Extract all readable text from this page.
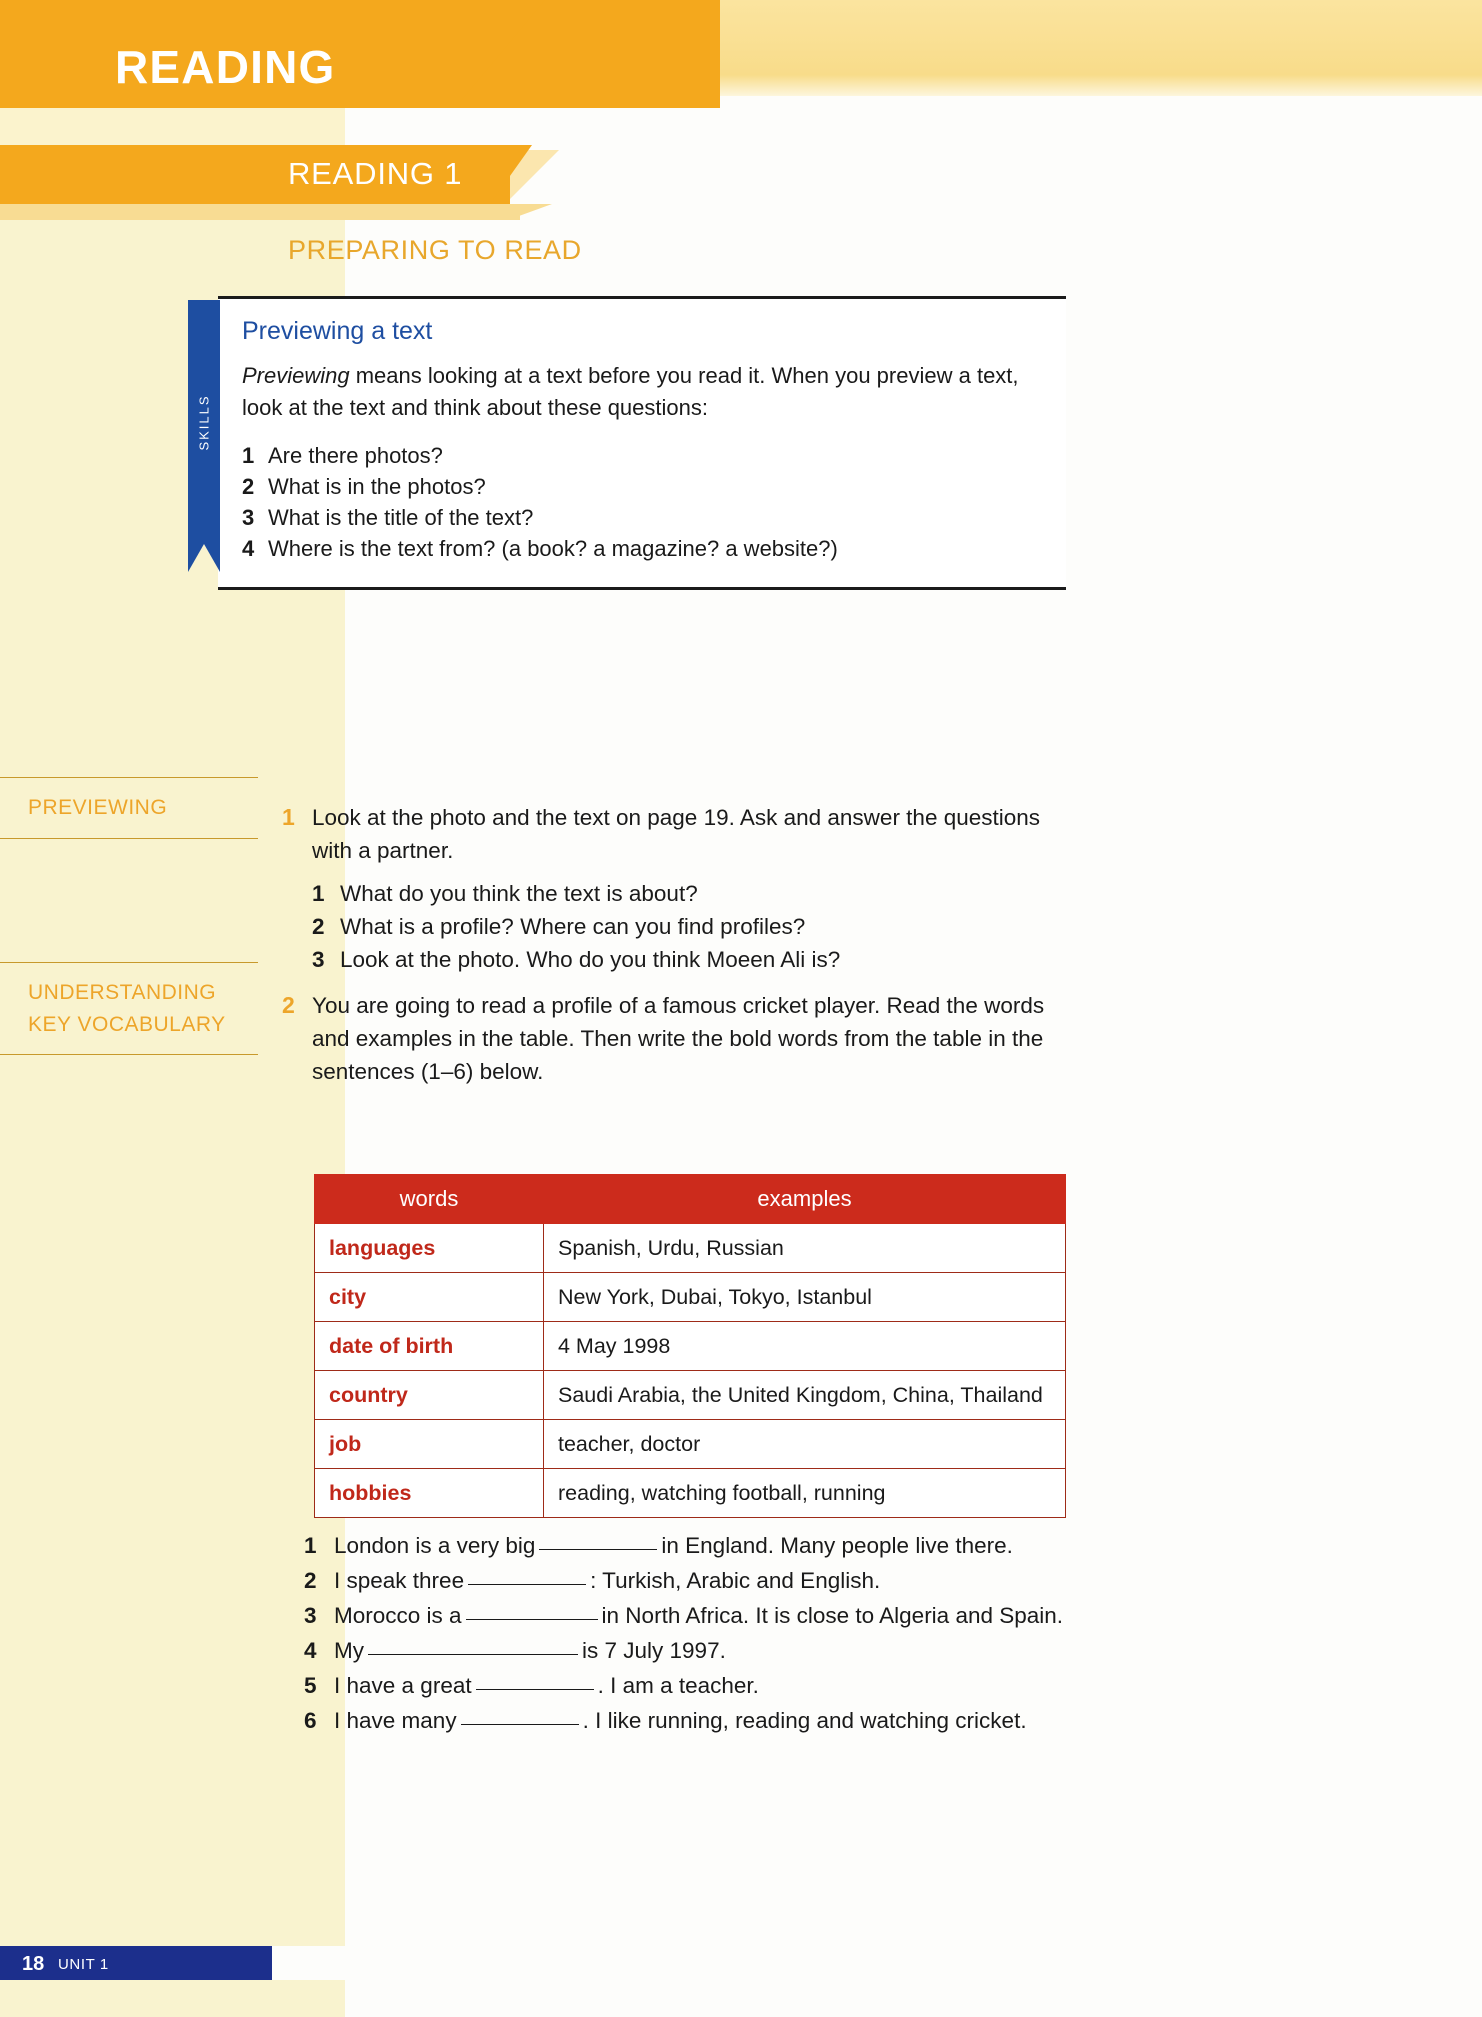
READING
READING 1
PREPARING TO READ
Previewing a text

Previewing means looking at a text before you read it. When you preview a text, look at the text and think about these questions:

1 Are there photos?
2 What is in the photos?
3 What is the title of the text?
4 Where is the text from? (a book? a magazine? a website?)
SKILLS
PREVIEWING
UNDERSTANDING
KEY VOCABULARY
1 Look at the photo and the text on page 19. Ask and answer the questions with a partner.
1 What do you think the text is about?
2 What is a profile? Where can you find profiles?
3 Look at the photo. Who do you think Moeen Ali is?
2 You are going to read a profile of a famous cricket player. Read the words and examples in the table. Then write the bold words from the table in the sentences (1–6) below.
words	examples
languages	Spanish, Urdu, Russian
city	New York, Dubai, Tokyo, Istanbul
date of birth	4 May 1998
country	Saudi Arabia, the United Kingdom, China, Thailand
job	teacher, doctor
hobbies	reading, watching football, running
1 London is a very big	in England. Many people live there.
2 I speak three	: Turkish, Arabic and English.
3 Morocco is a	in North Africa. It is close to Algeria and Spain.
4 My	is 7 July 1997.
5 I have a great	. I am a teacher.
6 I have many	. I like running, reading and watching cricket.
18 UNIT 1
